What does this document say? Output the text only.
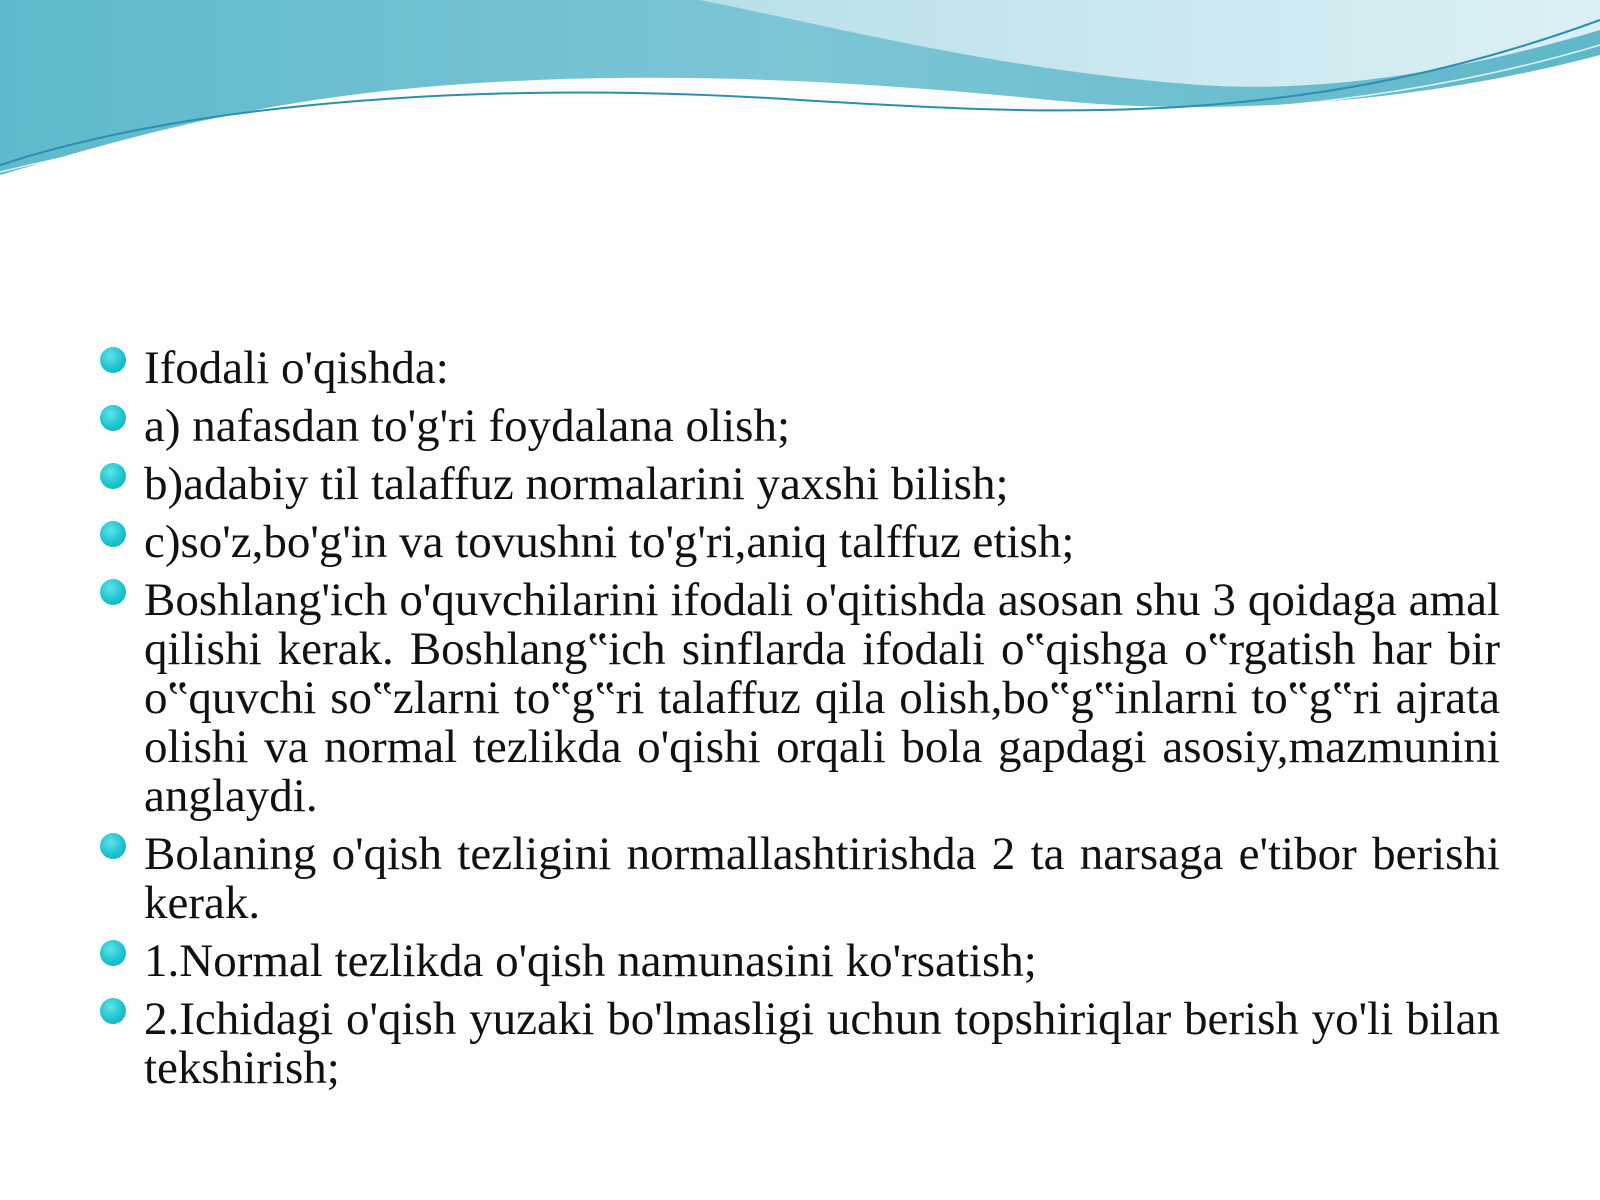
Ifodali o'qishda:
a) nafasdan to'g'ri foydalana olish;
b)adabiy til talaffuz normalarini yaxshi bilish;
c)so'z,bo'g'in va tovushni to'g'ri,aniq talffuz etish;
Boshlang'ich o'quvchilarini ifodali o'qitishda asosan shu 3 qoidaga amal qilishi kerak. Boshlang‟ich sinflarda ifodali o‟qishga o‟rgatish har bir o‟quvchi so‟zlarni to‟g‟ri talaffuz qila olish,bo‟g‟inlarni to‟g‟ri ajrata olishi va normal tezlikda o'qishi orqali bola gapdagi asosiy,mazmunini anglaydi.
Bolaning o'qish tezligini normallashtirishda 2 ta narsaga e'tibor berishi kerak.
1.Normal tezlikda o'qish namunasini ko'rsatish;
2.Ichidagi o'qish yuzaki bo'lmasligi uchun topshiriqlar berish yo'li bilan tekshirish;
